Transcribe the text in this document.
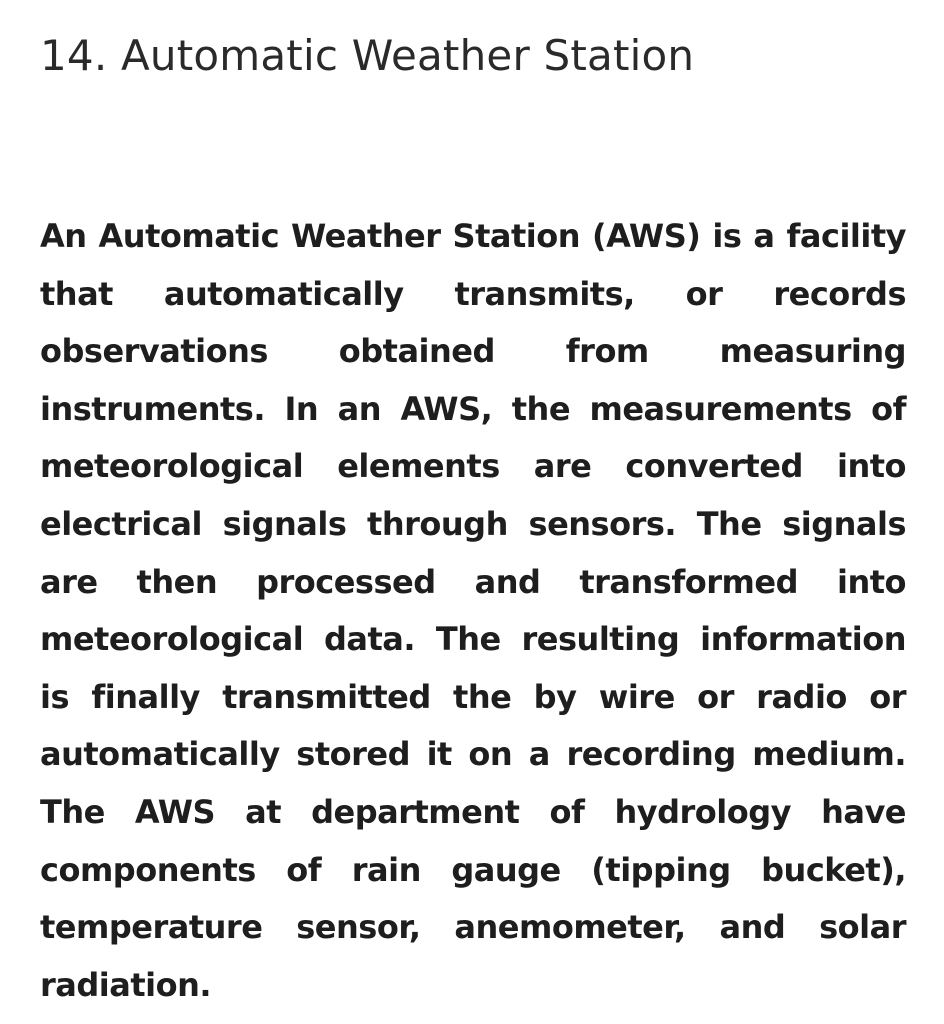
14. Automatic Weather Station

An Automatic Weather Station (AWS) is a facility that automatically transmits, or records observations obtained from measuring instruments. In an AWS, the measurements of meteorological elements are converted into electrical signals through sensors. The signals are then processed and transformed into meteorological data. The resulting information is finally transmitted the by wire or radio or automatically stored it on a recording medium. The AWS at department of hydrology have components of rain gauge (tipping bucket), temperature sensor, anemometer, and solar radiation.
